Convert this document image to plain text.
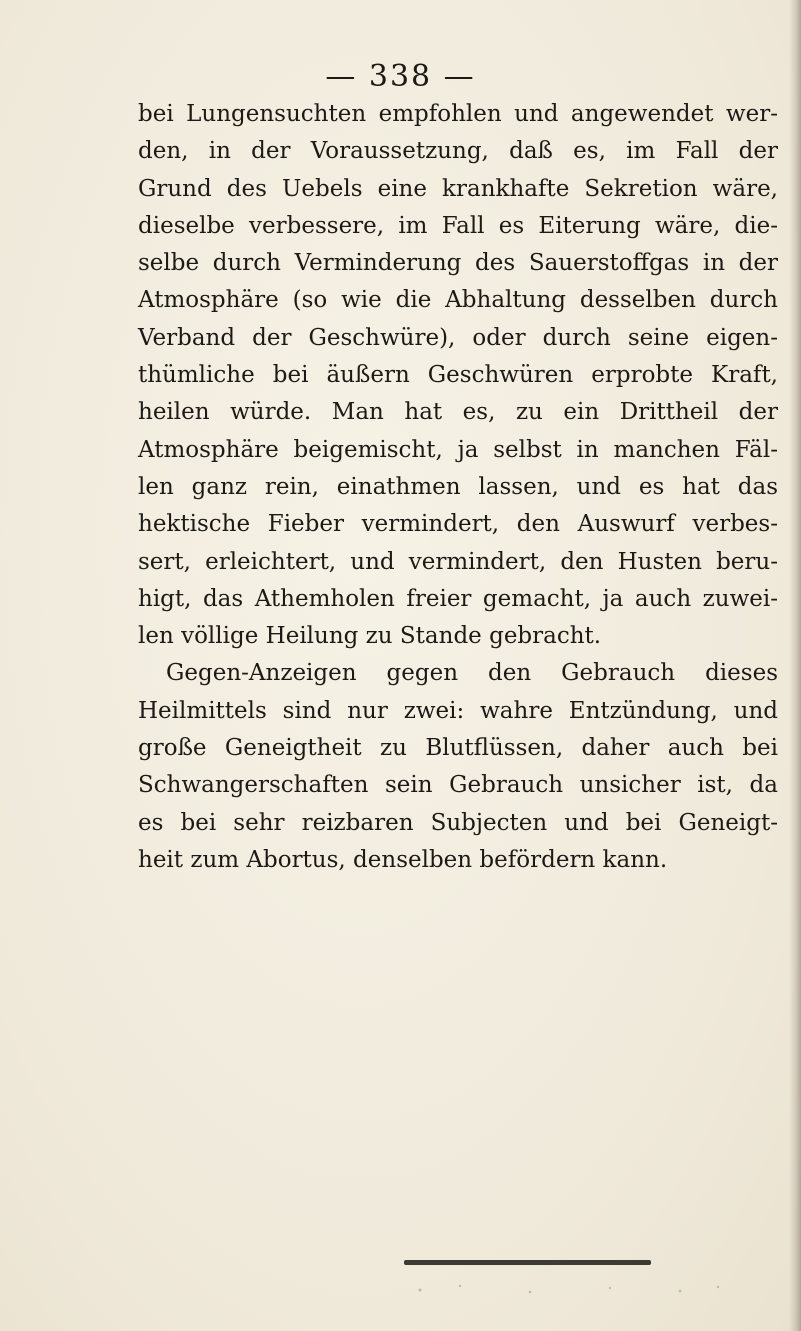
— 338 —
bei Lungensuchten empfohlen und angewendet wer-
den, in der Voraussetzung, daß es, im Fall der
Grund des Uebels eine krankhafte Sekretion wäre,
dieselbe verbessere, im Fall es Eiterung wäre, die-
selbe durch Verminderung des Sauerstoffgas in der
Atmosphäre (so wie die Abhaltung desselben durch
Verband der Geschwüre), oder durch seine eigen-
thümliche bei äußern Geschwüren erprobte Kraft,
heilen würde. Man hat es, zu ein Drittheil der
Atmosphäre beigemischt, ja selbst in manchen Fäl-
len ganz rein, einathmen lassen, und es hat das
hektische Fieber vermindert, den Auswurf verbes-
sert, erleichtert, und vermindert, den Husten beru-
higt, das Athemholen freier gemacht, ja auch zuwei-
len völlige Heilung zu Stande gebracht.
Gegen-Anzeigen gegen den Gebrauch dieses
Heilmittels sind nur zwei: wahre Entzündung, und
große Geneigtheit zu Blutflüssen, daher auch bei
Schwangerschaften sein Gebrauch unsicher ist, da
es bei sehr reizbaren Subjecten und bei Geneigt-
heit zum Abortus, denselben befördern kann.
